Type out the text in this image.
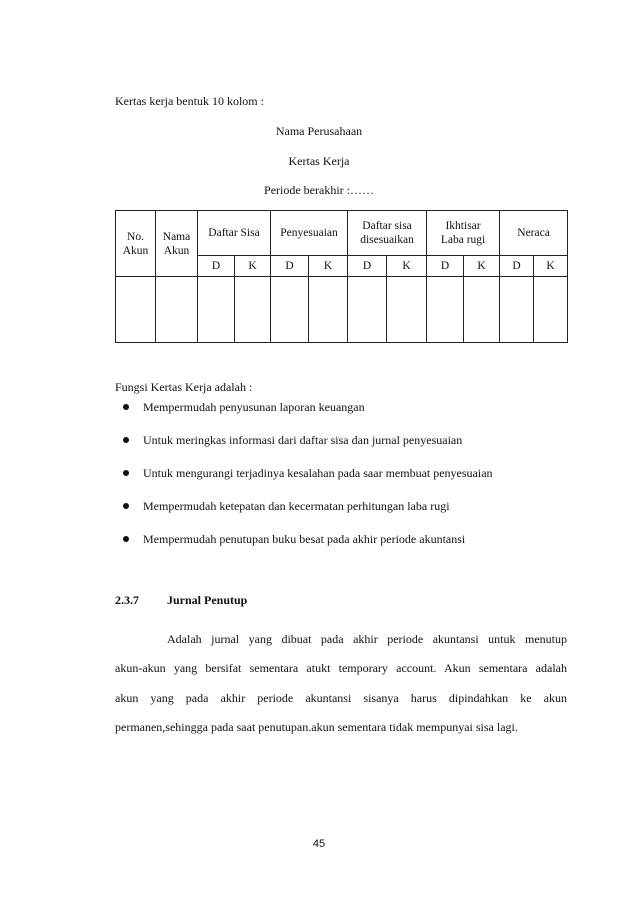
Kertas kerja bentuk 10 kolom :
Nama Perusahaan
Kertas Kerja
Periode berakhir :……
No. Akun	Nama Akun	Daftar Sisa		Penyesuaian		Daftar sisa disesuaikan		Ikhtisar Laba rugi		Neraca	
		D	K	D	K	D	K	D	K	D	K

Fungsi Kertas Kerja adalah :
Mempermudah penyusunan laporan keuangan
Untuk meringkas informasi dari daftar sisa dan jurnal penyesuaian
Untuk mengurangi terjadinya kesalahan pada saar membuat penyesuaian
Mempermudah ketepatan dan kecermatan perhitungan laba rugi
Mempermudah penutupan buku besat pada akhir periode akuntansi
2.3.7 Jurnal Penutup
Adalah jurnal yang dibuat pada akhir periode akuntansi untuk menutup
akun-akun yang bersifat sementara atukt temporary account. Akun sementara adalah
akun yang pada akhir periode akuntansi sisanya harus dipindahkan ke akun
permanen,sehingga pada saat penutupan.akun sementara tidak mempunyai sisa lagi.
45
